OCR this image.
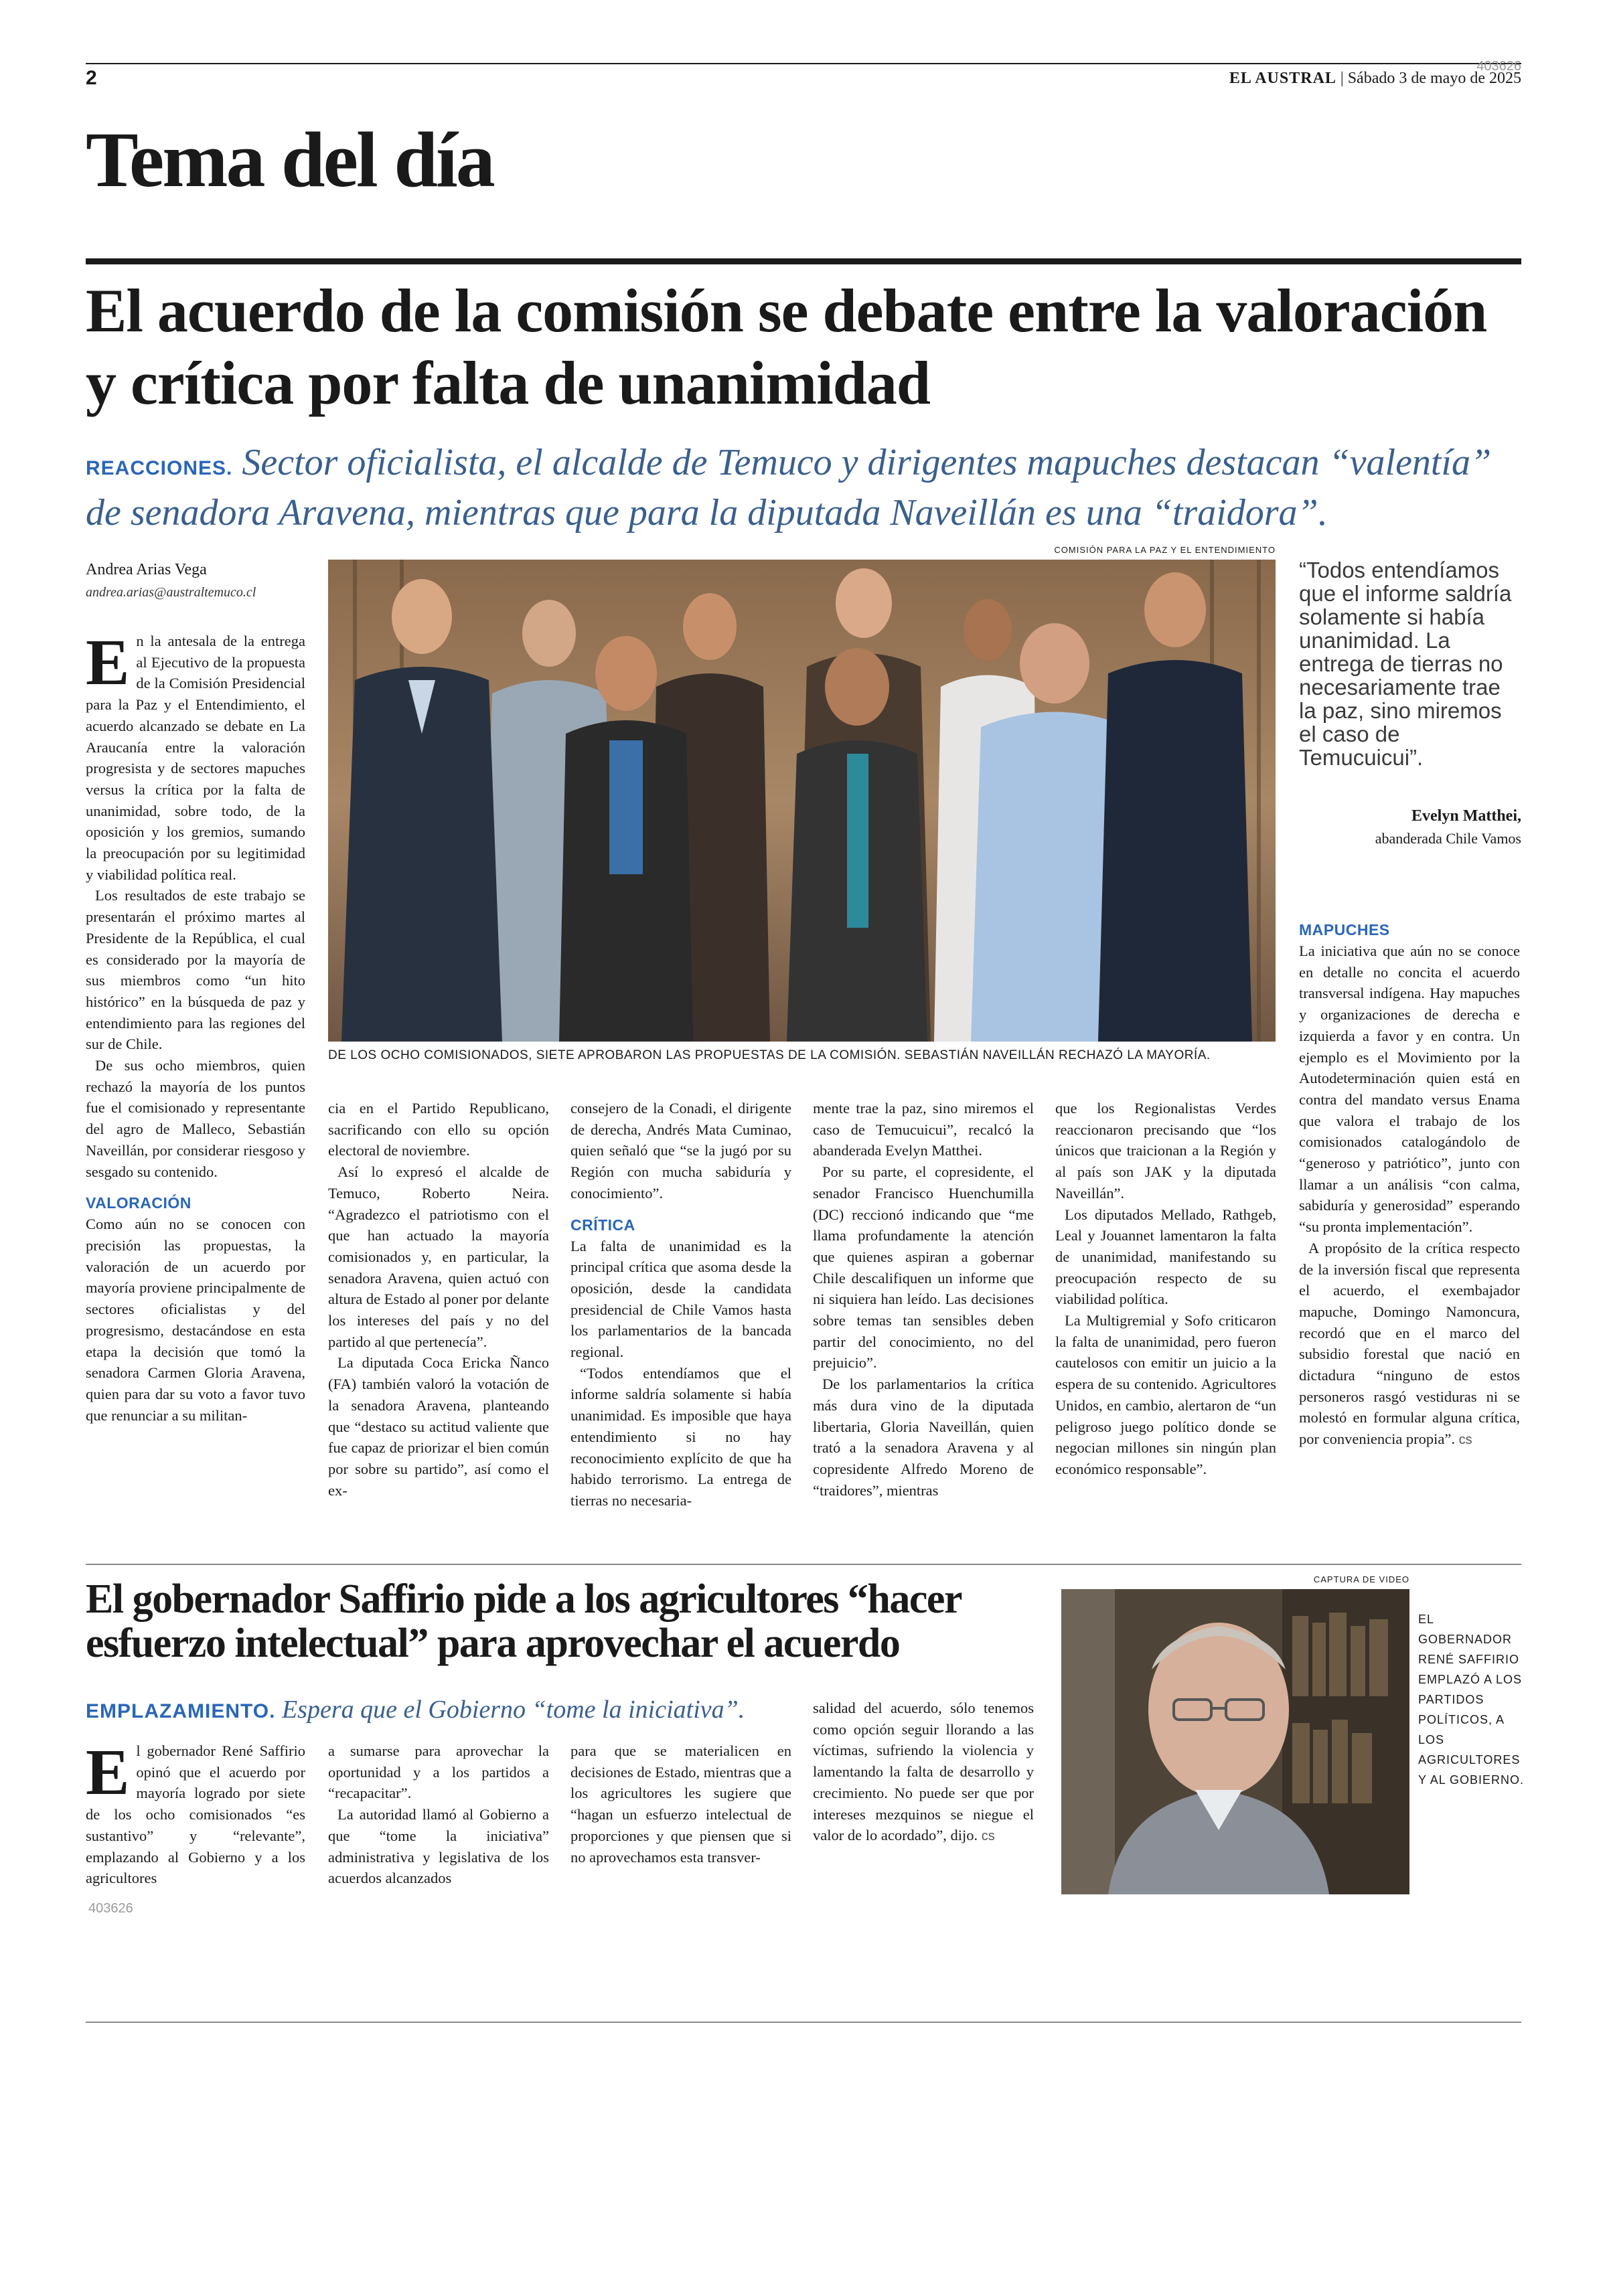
2
403626
EL AUSTRAL | Sábado 3 de mayo de 2025
Tema del día
El acuerdo de la comisión se debate entre la valoración y crítica por falta de unanimidad
REACCIONES. Sector oficialista, el alcalde de Temuco y dirigentes mapuches destacan “valentía” de senadora Aravena, mientras que para la diputada Naveillán es una “traidora”.
Andrea Arias Vega
andrea.arias@australtemuco.cl
COMISIÓN PARA LA PAZ Y EL ENTENDIMIENTO
DE LOS OCHO COMISIONADOS, SIETE APROBARON LAS PROPUESTAS DE LA COMISIÓN. SEBASTIÁN NAVEILLÁN RECHAZÓ LA MAYORÍA.
“Todos entendíamos que el informe saldría solamente si había unanimidad. La entrega de tierras no necesariamente trae la paz, sino miremos el caso de Temucuicui”.
Evelyn Matthei,
abanderada Chile Vamos
E n la antesala de la entrega al Ejecutivo de la propuesta de la Comisión Presidencial para la Paz y el Entendimiento, el acuerdo alcanzado se debate en La Araucanía entre la valoración progresista y de sectores mapuches versus la crítica por la falta de unanimidad, sobre todo, de la oposición y los gremios, sumando la preocupación por su legitimidad y viabilidad política real.

Los resultados de este trabajo se presentarán el próximo martes al Presidente de la República, el cual es considerado por la mayoría de sus miembros como “un hito histórico” en la búsqueda de paz y entendimiento para las regiones del sur de Chile.

De sus ocho miembros, quien rechazó la mayoría de los puntos fue el comisionado y representante del agro de Malleco, Sebastián Naveillán, por considerar riesgoso y sesgado su contenido.

VALORACIÓN

Como aún no se conocen con precisión las propuestas, la valoración de un acuerdo por mayoría proviene principalmente de sectores oficialistas y del progresismo, destacándose en esta etapa la decisión que tomó la senadora Carmen Gloria Aravena, quien para dar su voto a favor tuvo que renunciar a su militan-

cia en el Partido Republicano, sacrificando con ello su opción electoral de noviembre.

Así lo expresó el alcalde de Temuco, Roberto Neira. “Agradezco el patriotismo con el que han actuado la mayoría comisionados y, en particular, la senadora Aravena, quien actuó con altura de Estado al poner por delante los intereses del país y no del partido al que pertenecía”.

La diputada Coca Ericka Ñanco (FA) también valoró la votación de la senadora Aravena, planteando que “destaco su actitud valiente que fue capaz de priorizar el bien común por sobre su partido”, así como el ex-

consejero de la Conadi, el dirigente de derecha, Andrés Mata Cuminao, quien señaló que “se la jugó por su Región con mucha sabiduría y conocimiento”.

CRÍTICA

La falta de unanimidad es la principal crítica que asoma desde la oposición, desde la candidata presidencial de Chile Vamos hasta los parlamentarios de la bancada regional.

“Todos entendíamos que el informe saldría solamente si había unanimidad. Es imposible que haya entendimiento si no hay reconocimiento explícito de que ha habido terrorismo. La entrega de tierras no necesaria-

mente trae la paz, sino miremos el caso de Temucuicui”, recalcó la abanderada Evelyn Matthei.

Por su parte, el copresidente, el senador Francisco Huenchumilla (DC) reccionó indicando que “me llama profundamente la atención que quienes aspiran a gobernar Chile descalifiquen un informe que ni siquiera han leído. Las decisiones sobre temas tan sensibles deben partir del conocimiento, no del prejuicio”.

De los parlamentarios la crítica más dura vino de la diputada libertaria, Gloria Naveillán, quien trató a la senadora Aravena y al copresidente Alfredo Moreno de “traidores”, mientras

que los Regionalistas Verdes reaccionaron precisando que “los únicos que traicionan a la Región y al país son JAK y la diputada Naveillán”.

Los diputados Mellado, Rathgeb, Leal y Jouannet lamentaron la falta de unanimidad, manifestando su preocupación respecto de su viabilidad política.

La Multigremial y Sofo criticaron la falta de unanimidad, pero fueron cautelosos con emitir un juicio a la espera de su contenido. Agricultores Unidos, en cambio, alertaron de “un peligroso juego político donde se negocian millones sin ningún plan económico responsable”.

MAPUCHES

La iniciativa que aún no se conoce en detalle no concita el acuerdo transversal indígena. Hay mapuches y organizaciones de derecha e izquierda a favor y en contra. Un ejemplo es el Movimiento por la Autodeterminación quien está en contra del mandato versus Enama que valora el trabajo de los comisionados catalogándolo de “generoso y patriótico”, junto con llamar a un análisis “con calma, sabiduría y generosidad” esperando “su pronta implementación”.

A propósito de la crítica respecto de la inversión fiscal que representa el acuerdo, el exembajador mapuche, Domingo Namoncura, recordó que en el marco del subsidio forestal que nació en dictadura “ninguno de estos personeros rasgó vestiduras ni se molestó en formular alguna crítica, por conveniencia propia”. cs

El gobernador Saffirio pide a los agricultores “hacer esfuerzo intelectual” para aprovechar el acuerdo
EMPLAZAMIENTO. Espera que el Gobierno “tome la iniciativa”.
CAPTURA DE VIDEO
EL GOBERNADOR RENÉ SAFFIRIO EMPLAZÓ A LOS PARTIDOS POLÍTICOS, A LOS AGRICULTORES Y AL GOBIERNO.
E l gobernador René Saffirio opinó que el acuerdo por mayoría logrado por siete de los ocho comisionados “es sustantivo” y “relevante”, emplazando al Gobierno y a los agricultores

403626

a sumarse para aprovechar la oportunidad y a los partidos a “recapacitar”.

La autoridad llamó al Gobierno a que “tome la iniciativa” administrativa y legislativa de los acuerdos alcanzados

para que se materialicen en decisiones de Estado, mientras que a los agricultores les sugiere que “hagan un esfuerzo intelectual de proporciones y que piensen que si no aprovechamos esta transver-

salidad del acuerdo, sólo tenemos como opción seguir llorando a las víctimas, sufriendo la violencia y lamentando la falta de desarrollo y crecimiento. No puede ser que por intereses mezquinos se niegue el valor de lo acordado”, dijo. cs
